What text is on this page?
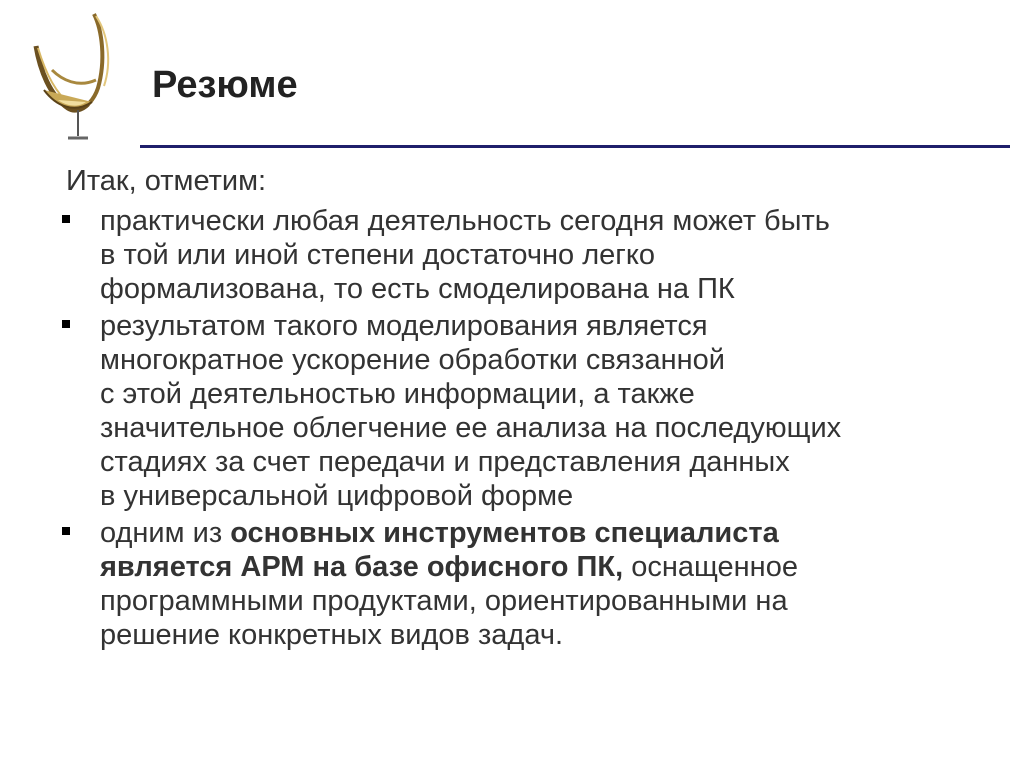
Резюме
Итак, отметим:
практически любая деятельность сегодня может быть
в той или иной степени достаточно легко
формализована, то есть смоделирована на ПК
результатом такого моделирования является
многократное ускорение обработки связанной
с этой деятельностью информации, а также
значительное облегчение ее анализа на последующих
стадиях за счет передачи и представления данных
в универсальной цифровой форме
одним из основных инструментов специалиста
является АРМ на базе офисного ПК, оснащенное
программными продуктами, ориентированными на
решение конкретных видов задач.
